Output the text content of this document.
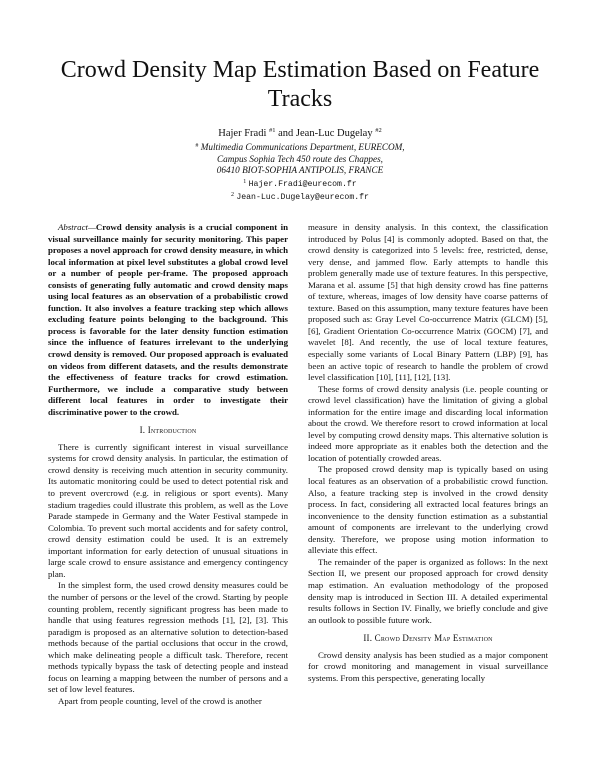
Crowd Density Map Estimation Based on Feature Tracks
Hajer Fradi $^{\#1}$ and Jean-Luc Dugelay $^{\#2}$
# Multimedia Communications Department, EURECOM,
Campus Sophia Tech 450 route des Chappes,
06410 BIOT-SOPHIA ANTIPOLIS, FRANCE
$^1$ Hajer.Fradi@eurecom.fr
$^2$ Jean-Luc.Dugelay@eurecom.fr

Abstract—Crowd density analysis is a crucial component in visual surveillance mainly for security monitoring. This paper proposes a novel approach for crowd density measure, in which local information at pixel level substitutes a global crowd level or a number of people per-frame. The proposed approach consists of generating fully automatic and crowd density maps using local features as an observation of a probabilistic crowd function. It also involves a feature tracking step which allows excluding feature points belonging to the background. This process is favorable for the later density function estimation since the influence of features irrelevant to the underlying crowd density is removed. Our proposed approach is evaluated on videos from different datasets, and the results demonstrate the effectiveness of feature tracks for crowd estimation. Furthermore, we include a comparative study between different local features in order to investigate their discriminative power to the crowd.

I. Introduction

There is currently significant interest in visual surveillance systems for crowd density analysis. In particular, the estimation of crowd density is receiving much attention in security community. Its automatic monitoring could be used to detect potential risk and to prevent overcrowd (e.g. in religious or sport events). Many stadium tragedies could illustrate this problem, as well as the Love Parade stampede in Germany and the Water Festival stampede in Colombia. To prevent such mortal accidents and for safety control, crowd density estimation could be used. It is an extremely important information for early detection of unusual situations in large scale crowd to ensure assistance and emergency contingency plan.

In the simplest form, the used crowd density measures could be the number of persons or the level of the crowd. Starting by people counting problem, recently significant progress has been made to handle that using features regression methods [1], [2], [3]. This paradigm is proposed as an alternative solution to detection-based methods because of the partial occlusions that occur in the crowd, which make delineating people a difficult task. Therefore, recent methods typically bypass the task of detecting people and instead focus on learning a mapping between the number of persons and a set of low level features.

Apart from people counting, level of the crowd is another

measure in density analysis. In this context, the classification introduced by Polus [4] is commonly adopted. Based on that, the crowd density is categorized into 5 levels: free, restricted, dense, very dense, and jammed flow. Early attempts to handle this problem generally made use of texture features. In this perspective, Marana et al. assume [5] that high density crowd has fine patterns of texture, whereas, images of low density have coarse patterns of texture. Based on this assumption, many texture features have been proposed such as: Gray Level Co-occurrence Matrix (GLCM) [5], [6], Gradient Orientation Co-occurrence Matrix (GOCM) [7], and wavelet [8]. And recently, the use of local texture features, especially some variants of Local Binary Pattern (LBP) [9], has been an active topic of research to handle the problem of crowd level classification [10], [11], [12], [13].

These forms of crowd density analysis (i.e. people counting or crowd level classification) have the limitation of giving a global information for the entire image and discarding local information about the crowd. We therefore resort to crowd information at local level by computing crowd density maps. This alternative solution is indeed more appropriate as it enables both the detection and the location of potentially crowded areas.

The proposed crowd density map is typically based on using local features as an observation of a probabilistic crowd function. Also, a feature tracking step is involved in the crowd density process. In fact, considering all extracted local features brings an inconvenience to the density function estimation as a substantial amount of components are irrelevant to the underlying crowd density. Therefore, we propose using motion information to alleviate this effect.

The remainder of the paper is organized as follows: In the next Section II, we present our proposed approach for crowd density map estimation. An evaluation methodology of the proposed density map is introduced in Section III. A detailed experimental results follows in Section IV. Finally, we briefly conclude and give an outlook to possible future work.

II. Crowd Density Map Estimation

Crowd density analysis has been studied as a major component for crowd monitoring and management in visual surveillance systems. From this perspective, generating locally
